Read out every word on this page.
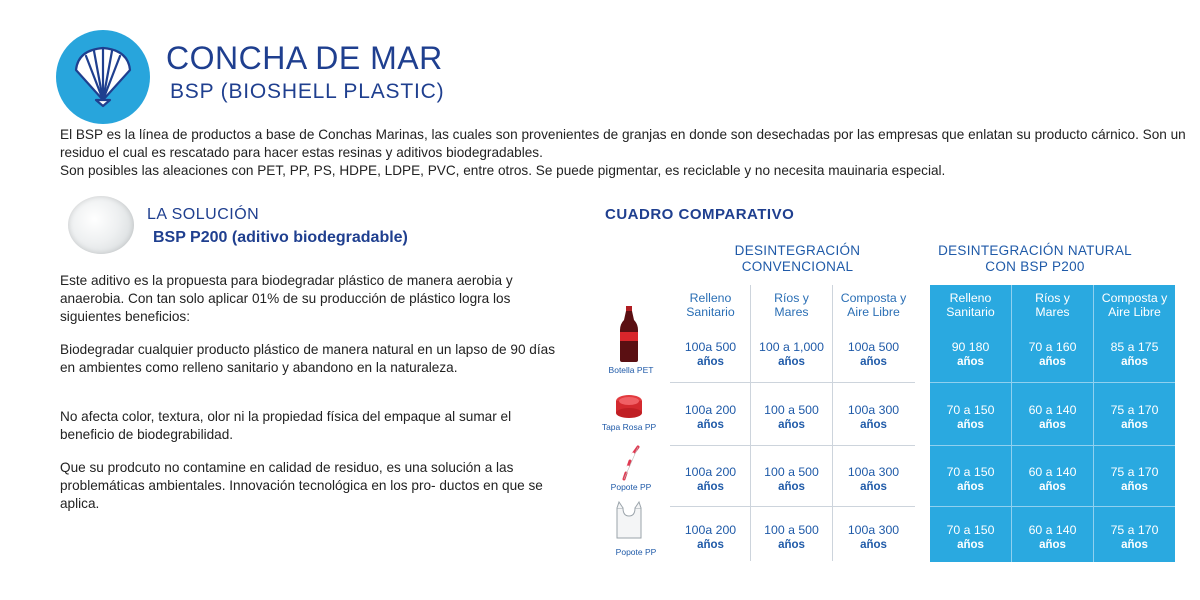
CONCHA DE MAR
BSP (BIOSHELL PLASTIC)

El BSP es la línea de productos a base de Conchas Marinas, las cuales son provenientes de granjas en donde son desechadas por las empresas que enlatan su producto cárnico. Son un residuo el cual es rescatado para hacer estas resinas y aditivos biodegradables.

Son posibles las aleaciones con PET, PP, PS, HDPE, LDPE, PVC, entre otros. Se puede pigmentar, es reciclable y no necesita mauinaria especial.

LA SOLUCIÓN
BSP P200 (aditivo biodegradable)

Este aditivo es la propuesta para biodegradar plástico de manera aerobia y anaerobia. Con tan solo aplicar 01% de su producción de plástico logra los siguientes beneficios:

Biodegradar cualquier producto plástico de manera natural en un lapso de 90 días en ambientes como relleno sanitario y abandono en la naturaleza.

No afecta color, textura, olor ni la propiedad física del empaque al sumar el beneficio de biodegrabilidad.

Que su prodcuto no contamine en calidad de residuo, es una solución a las problemáticas ambientales. Innovación tecnológica en los pro- ductos en que se aplica.

CUADRO COMPARATIVO
DESINTEGRACIÓN
CONVENCIONAL
DESINTEGRACIÓN NATURAL
CON BSP P200
Botella PET
Tapa Rosa PP
Popote PP
Popote PP
Relleno
Sanitario
Ríos y
Mares
Composta y
Aire Libre
100a 500
años
100 a 1,000
años
100a 500
años
100a 200
años
100 a 500
años
100a 300
años
100a 200
años
100 a 500
años
100a 300
años
100a 200
años
100 a 500
años
100a 300
años
Relleno
Sanitario
Ríos y
Mares
Composta y
Aire Libre
90 180
años
70 a 160
años
85 a 175
años
70 a 150
años
60 a 140
años
75 a 170
años
70 a 150
años
60 a 140
años
75 a 170
años
70 a 150
años
60 a 140
años
75 a 170
años
